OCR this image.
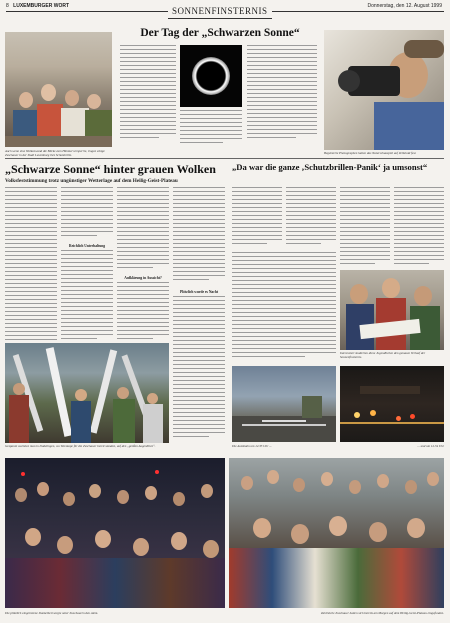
8 LUXEMBURGER WORT	Donnerstag, den 12. August 1999
SONNENFINSTERNIS
Auch wenn eine Wolkenwand die Blicke zum Himmel versperrte, trugen einige Zuschauer in der Stadt Luxemburg ihre Schutzbrille.
Der Tag der „Schwarzen Sonne“
Begeisterte Photographen hatten das Naturschauspiel auf Zelluloid fest.
„Schwarze Sonne“ hinter grauen Wolken
Volksfeststimmung trotz ungünstiger Wetterlage auf dem Heilig-Geist-Plateau
Reichlich Unterhaltung
Aufklärung in Aussicht?
Plötzlich wurde es Nacht
Gespannt warteten man in Dudelingen, wo Teleskope für die Zuschauer bereit standen, auf den „großen Augenblick“.
„Da war die ganze ‚Schutzbrillen-Panik‘ ja umsonst“
Interessiert studierten diese Jugendlichen den genauen Verlauf der Sonnenfinsternis.
Die Autobahn um 12.33 Uhr ...	... und um 12.34 Uhr
Die plötzlich eingetretene Dunkelheit sorgte unter Zuschauern den Atem.	Zahlreiche Zuschauer hatten sich bereits am Morgen auf dem Heilig-Geist-Plateau eingefunden.
